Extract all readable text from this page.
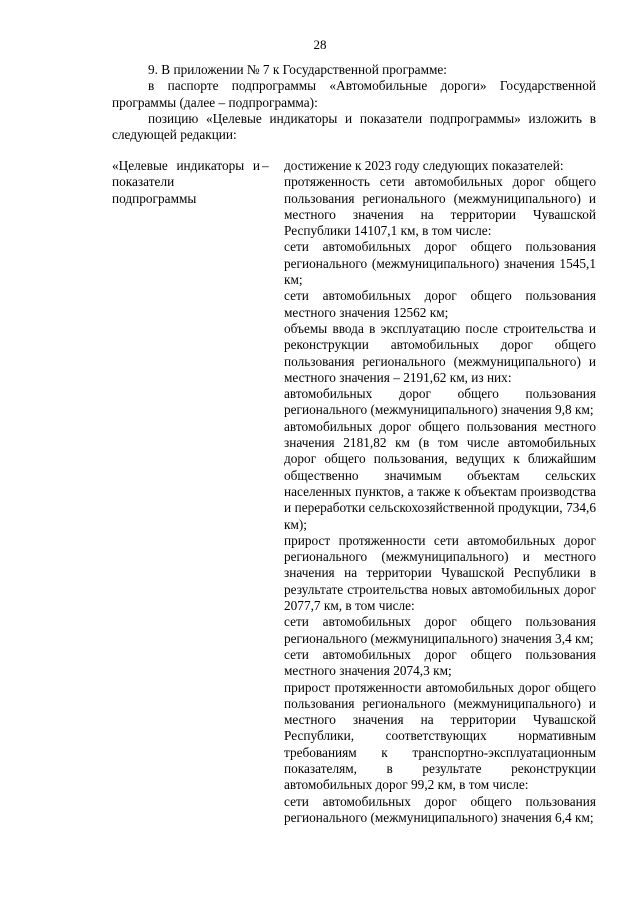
28

9. В приложении № 7 к Государственной программе:

в паспорте подпрограммы «Автомобильные дороги» Государственной программы (далее – подпрограмма):

позицию «Целевые индикаторы и показатели подпрограммы» изложить в следующей редакции:

«Целевые индикаторы и показатели подпрограммы
– достижение к 2023 году следующих показателей:

протяженность сети автомобильных дорог общего пользования регионального (межмуниципального) и местного значения на территории Чувашской Республики 14107,1 км, в том числе:

сети автомобильных дорог общего пользования регионального (межмуниципального) значения 1545,1 км;

сети автомобильных дорог общего пользования местного значения 12562 км;

объемы ввода в эксплуатацию после строительства и реконструкции автомобильных дорог общего пользования регионального (межмуниципального) и местного значения – 2191,62 км, из них:

автомобильных дорог общего пользования регионального (межмуниципального) значения 9,8 км;

автомобильных дорог общего пользования местного значения 2181,82 км (в том числе автомобильных дорог общего пользования, ведущих к ближайшим общественно значимым объектам сельских населенных пунктов, а также к объектам производства и переработки сельскохозяйственной продукции, 734,6 км);

прирост протяженности сети автомобильных дорог регионального (межмуниципального) и местного значения на территории Чувашской Республики в результате строительства новых автомобильных дорог 2077,7 км, в том числе:

сети автомобильных дорог общего пользования регионального (межмуниципального) значения 3,4 км;

сети автомобильных дорог общего пользования местного значения 2074,3 км;

прирост протяженности автомобильных дорог общего пользования регионального (межмуниципального) и местного значения на территории Чувашской Республики, соответствующих нормативным требованиям к транспортно-эксплуатационным показателям, в результате реконструкции автомобильных дорог 99,2 км, в том числе:

сети автомобильных дорог общего пользования регионального (межмуниципального) значения 6,4 км;
